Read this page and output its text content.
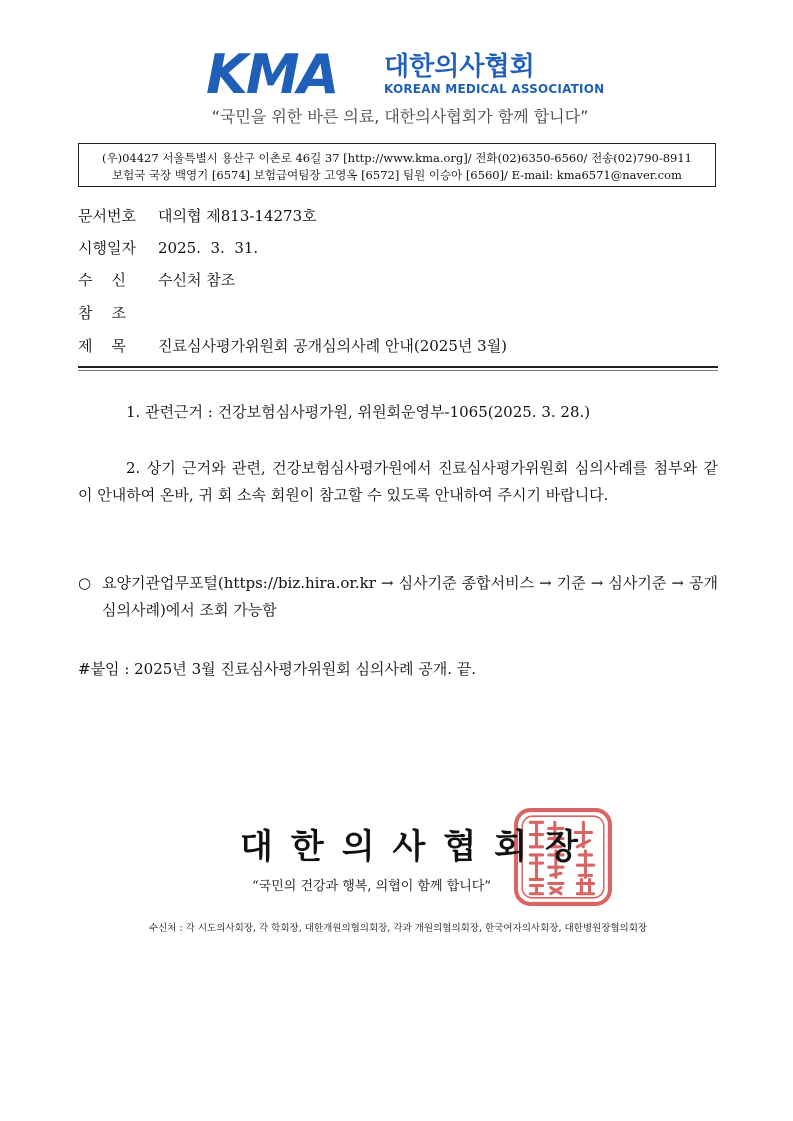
KMA 대한의사협회
KOREAN MEDICAL ASSOCIATION
“국민을 위한 바른 의료, 대한의사협회가 함께 합니다”
(우)04427 서울특별시 용산구 이촌로 46길 37 [http://www.kma.org]/ 전화(02)6350-6560/ 전송(02)790-8911
보험국 국장 백영기 [6574] 보험급여팀장 고영옥 [6572] 팀원 이승아 [6560]/ E-mail: kma6571@naver.com
문서번호 대의협 제813-14273호
시행일자 2025.  3.  31.
수    신 수신처 참조
참    조
제    목 진료심사평가위원회 공개심의사례 안내(2025년 3월)
1. 관련근거 : 건강보험심사평가원, 위원회운영부-1065(2025. 3. 28.)
2. 상기 근거와 관련, 건강보험심사평가원에서 진료심사평가위원회 심의사례를 첨부와 같이 안내하여 온바, 귀 회 소속 회원이 참고할 수 있도록 안내하여 주시기 바랍니다.
○ 요양기관업무포털(https://biz.hira.or.kr → 심사기준 종합서비스 → 기준 → 심사기준 → 공개심의사례)에서 조회 가능함
#붙임 : 2025년 3월 진료심사평가위원회 심의사례 공개. 끝.
대한의사협회장
“국민의 건강과 행복, 의협이 함께 합니다”
수신처 : 각 시도의사회장, 각 학회장, 대한개원의협의회장, 각과 개원의협의회장, 한국여자의사회장, 대한병원장협의회장
